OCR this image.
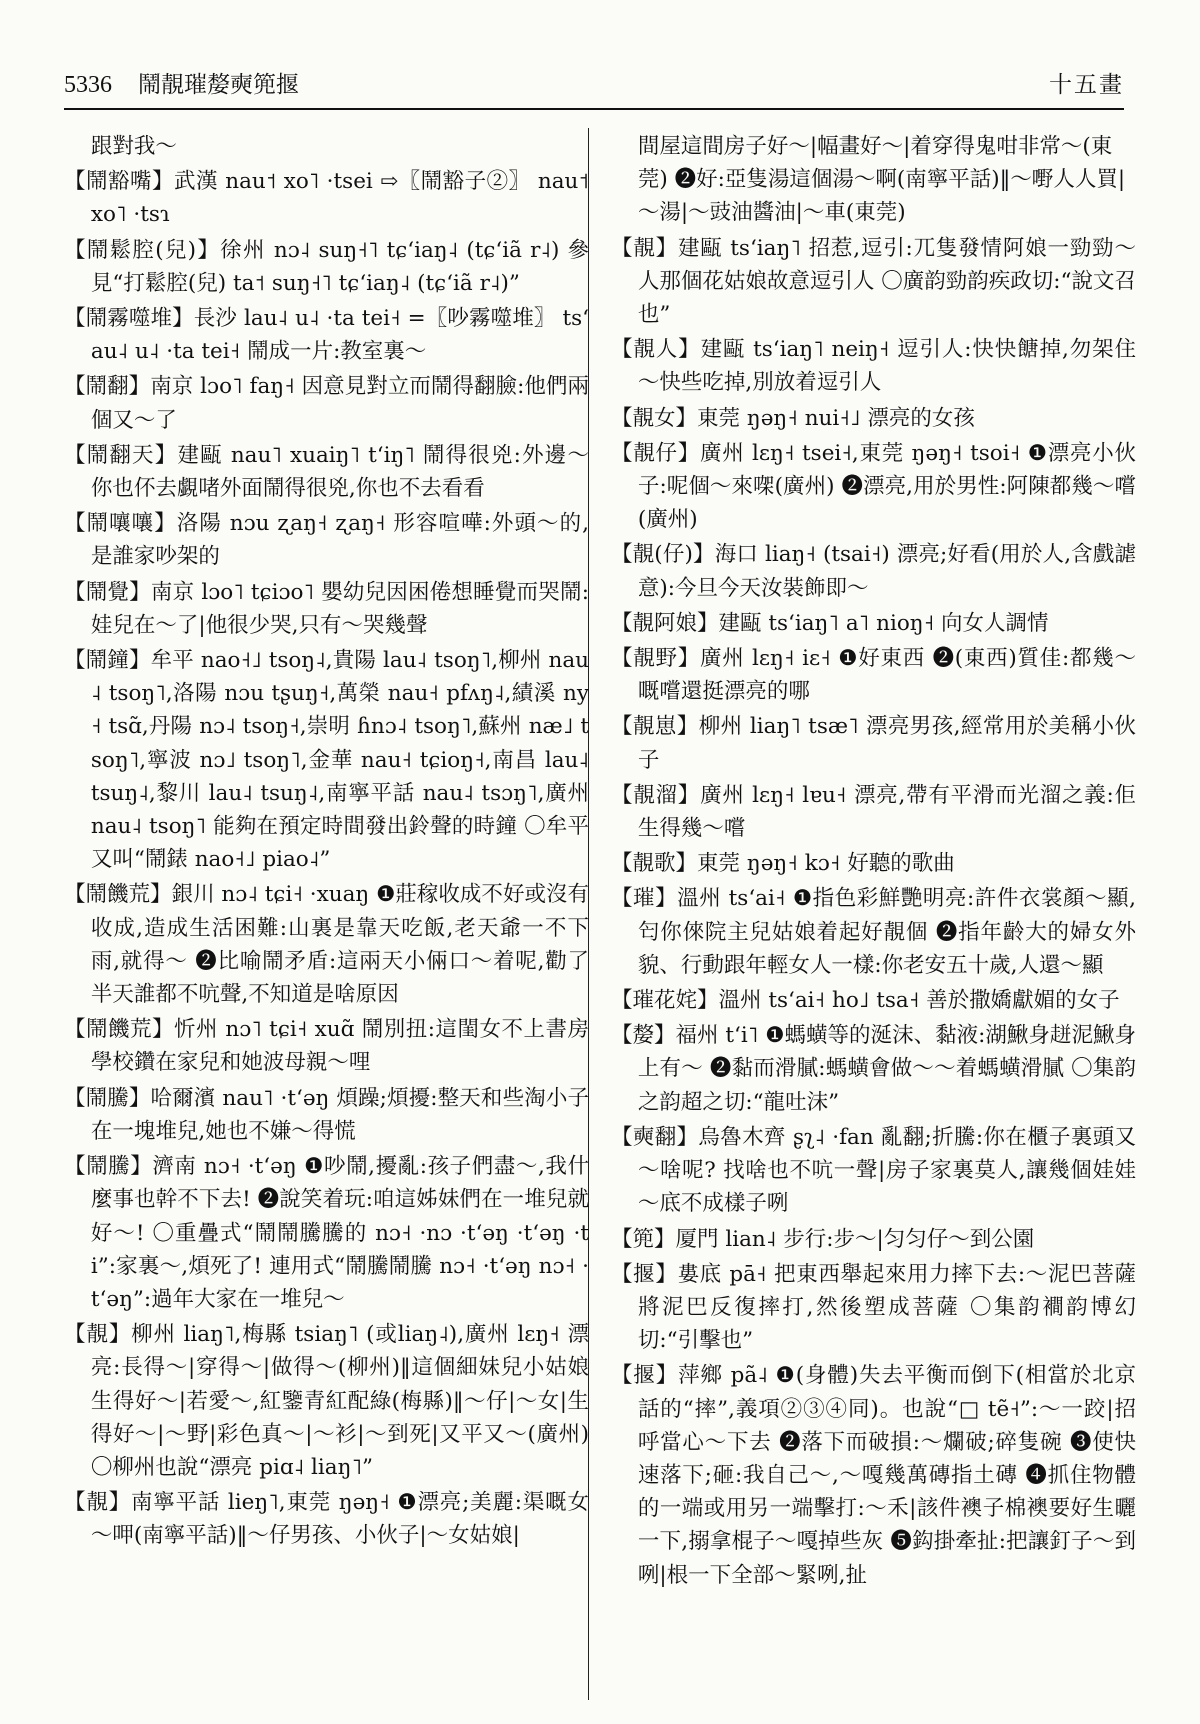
5336 鬧靚璀嫠奭篼揠	十五畫

跟對我～

【鬧豁嘴】武漢 nau˦ xo˥ ·tsei ⇨〖鬧豁子②〗 nau˦ xo˥ ·tsɿ

【鬧鬆腔(兒)】徐州 nɔ˨ suŋ˧˥ tɕʻiaŋ˨ (tɕʻiã r˨) 參見“打鬆腔(兒) ta˦ suŋ˧˥ tɕʻiaŋ˨ (tɕʻiã r˨)”

【鬧霧噬堆】長沙 lau˨ u˨ ·ta tei˧ =〖吵霧噬堆〗 tsʻau˨ u˨ ·ta tei˧ 鬧成一片:教室裏～

【鬧翻】南京 lɔo˥ faŋ˧ 因意見對立而鬧得翻臉:他們兩個又～了

【鬧翻天】建甌 nau˥ xuaiŋ˥ tʻiŋ˥ 鬧得很兇:外邊～你也伓去覷啫外面鬧得很兇,你也不去看看

【鬧嚷嚷】洛陽 nɔu ʐaŋ˧ ʐaŋ˧ 形容喧嘩:外頭～的,是誰家吵架的

【鬧覺】南京 lɔo˥ tɕiɔo˥ 嬰幼兒因困倦想睡覺而哭鬧:娃兒在～了|他很少哭,只有～哭幾聲

【鬧鐘】牟平 nao˧˩ tsoŋ˨,貴陽 lau˨ tsoŋ˥,柳州 nau˨ tsoŋ˥,洛陽 nɔu tʂuŋ˧,萬榮 nau˧ pfʌŋ˨,績溪 ny˧ tsɑ̃,丹陽 nɔ˨ tsoŋ˧,崇明 ɦnɔ˨ tsoŋ˥,蘇州 næ˩ tsoŋ˥,寧波 nɔ˩ tsoŋ˥,金華 nau˧ tɕioŋ˧,南昌 lau˨ tsuŋ˨,黎川 lau˨ tsuŋ˨,南寧平話 nau˨ tsɔŋ˥,廣州 nau˨ tsoŋ˥ 能夠在預定時間發出鈴聲的時鐘 〇牟平又叫“鬧錶 nao˧˩ piao˨”

【鬧饑荒】銀川 nɔ˨ tɕi˧ ·xuaŋ ❶莊稼收成不好或沒有收成,造成生活困難:山裏是靠天吃飯,老天爺一不下雨,就得～ ❷比喻鬧矛盾:這兩天小倆口～着呢,勸了半天誰都不吭聲,不知道是啥原因

【鬧饑荒】忻州 nɔ˥ tɕi˧ xuɑ̃ 鬧別扭:這閨女不上書房學校鑽在家兒和她波母親～哩

【鬧騰】哈爾濱 nau˥ ·tʻəŋ 煩躁;煩擾:整天和些淘小子在一塊堆兒,她也不嫌～得慌

【鬧騰】濟南 nɔ˧ ·tʻəŋ ❶吵鬧,擾亂:孩子們盡～,我什麼事也幹不下去! ❷說笑着玩:咱這姊妹們在一堆兒就好～! 〇重疊式“鬧鬧騰騰的 nɔ˧ ·nɔ ·tʻəŋ ·tʻəŋ ·ti”:家裏～,煩死了! 連用式“鬧騰鬧騰 nɔ˧ ·tʻəŋ nɔ˧ ·tʻəŋ”:過年大家在一堆兒～

【靚】柳州 liaŋ˥,梅縣 tsiaŋ˥ (或liaŋ˨),廣州 lɛŋ˧ 漂亮:長得～|穿得～|做得～(柳州)‖這個細妹兒小姑娘生得好～|若愛～,紅鑒青紅配綠(梅縣)‖～仔|～女|生得好～|～野|彩色真～|～衫|～到死|又平又～(廣州) 〇柳州也說“漂亮 piɑ˨ liaŋ˥”

【靚】南寧平話 lieŋ˥,東莞 ŋəŋ˧ ❶漂亮;美麗:渠嘅女～呷(南寧平話)‖～仔男孩、小伙子|～女姑娘|

間屋這間房子好～|幅畫好～|着穿得鬼咁非常～(東莞) ❷好:亞隻湯這個湯～啊(南寧平話)‖～嘢人人買|～湯|～豉油醬油|～車(東莞)

【靚】建甌 tsʻiaŋ˥ 招惹,逗引:兀隻發情阿娘一勁勁～人那個花姑娘故意逗引人 〇廣韵勁韵疾政切:“說文召也”

【靚人】建甌 tsʻiaŋ˥ neiŋ˧ 逗引人:快快餹掉,勿架住～快些吃掉,別放着逗引人

【靚女】東莞 ŋəŋ˧ nui˧˩ 漂亮的女孩

【靚仔】廣州 lɛŋ˧ tsei˧,東莞 ŋəŋ˧ tsoi˧ ❶漂亮小伙子:呢個～來㗎(廣州) ❷漂亮,用於男性:阿陳都幾～嚐(廣州)

【靚(仔)】海口 liaŋ˧ (tsai˧) 漂亮;好看(用於人,含戲謔意):今旦今天汝裝飾即～

【靚阿娘】建甌 tsʻiaŋ˥ a˥ nioŋ˧ 向女人調情

【靚野】廣州 lɛŋ˧ iɛ˧ ❶好東西 ❷(東西)質佳:都幾～嘅嚐還挺漂亮的哪

【靚崽】柳州 liaŋ˥ tsæ˥ 漂亮男孩,經常用於美稱小伙子

【靚溜】廣州 lɛŋ˧ lɐu˧ 漂亮,帶有平滑而光溜之義:佢生得幾～嚐

【靚歌】東莞 ŋəŋ˧ kɔ˧ 好聽的歌曲

【璀】溫州 tsʻai˧ ❶指色彩鮮艷明亮:許件衣裳顏～顯,匄你倈院主兒姑娘着起好靚個 ❷指年齡大的婦女外貌、行動跟年輕女人一樣:你老安五十歲,人還～顯

【璀花姹】溫州 tsʻai˧ ho˩ tsa˧ 善於撒嬌獻媚的女子

【嫠】福州 tʻi˥ ❶螞蟥等的涎沫、黏液:湖鰍身𧻓泥鰍身上有～ ❷黏而滑膩:螞蟥會做～～着螞蟥滑膩 〇集韵之韵超之切:“龍吐沫”

【奭翻】烏魯木齊 ʂʅ˨ ·fan 亂翻;折騰:你在櫃子裏頭又～啥呢? 找啥也不吭一聲|房子家裏莫人,讓幾個娃娃～底不成樣子咧

【篼】厦門 lian˨ 步行:步～|匀匀仔～到公園

【揠】婁底 pā˧ 把東西舉起來用力摔下去:～泥巴菩薩將泥巴反復摔打,然後塑成菩薩 〇集韵襇韵博幻切:“引擊也”

【揠】萍鄉 pã˨ ❶(身體)失去平衡而倒下(相當於北京話的“摔”,義項②③④同)。也說“□ tẽ˧”:～一跤|招呼當心～下去 ❷落下而破損:～爛破;碎隻碗 ❸使快速落下;砸:我自己～,～嘎幾萬磚指土磚 ❹抓住物體的一端或用另一端擊打:～禾|該件襖子棉襖要好生曬一下,搦拿棍子～嘎掉些灰 ❺鈎掛牽扯:把讓釘子～到咧|根一下全部～緊咧,扯
